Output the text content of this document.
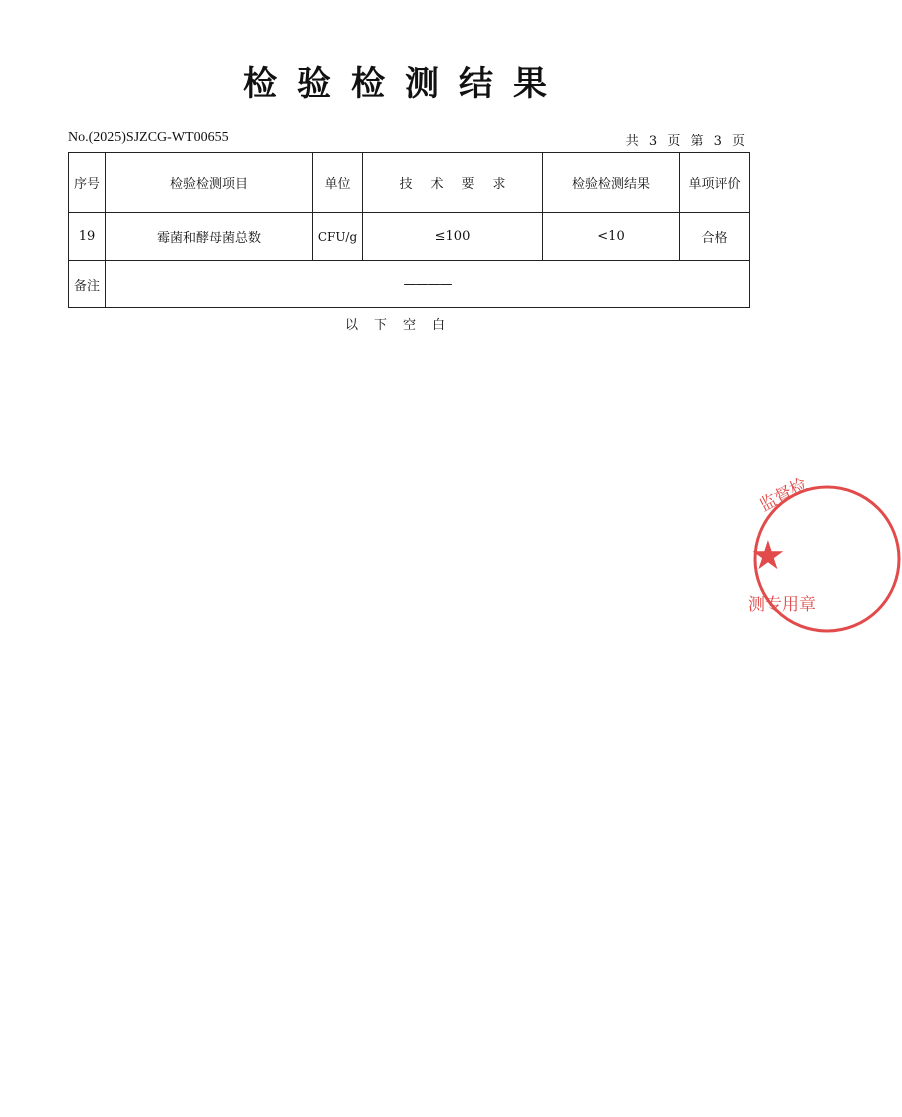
检验检测结果
No.(2025)SJZCG-WT00655	共 3 页 第 3 页
序号	检验检测项目	单位	技术要求	检验检测结果	单项评价
19	霉菌和酵母菌总数	CFU/g	≤100	<10	合格
备注	————				
以下空白
监督检
★
测专用章
